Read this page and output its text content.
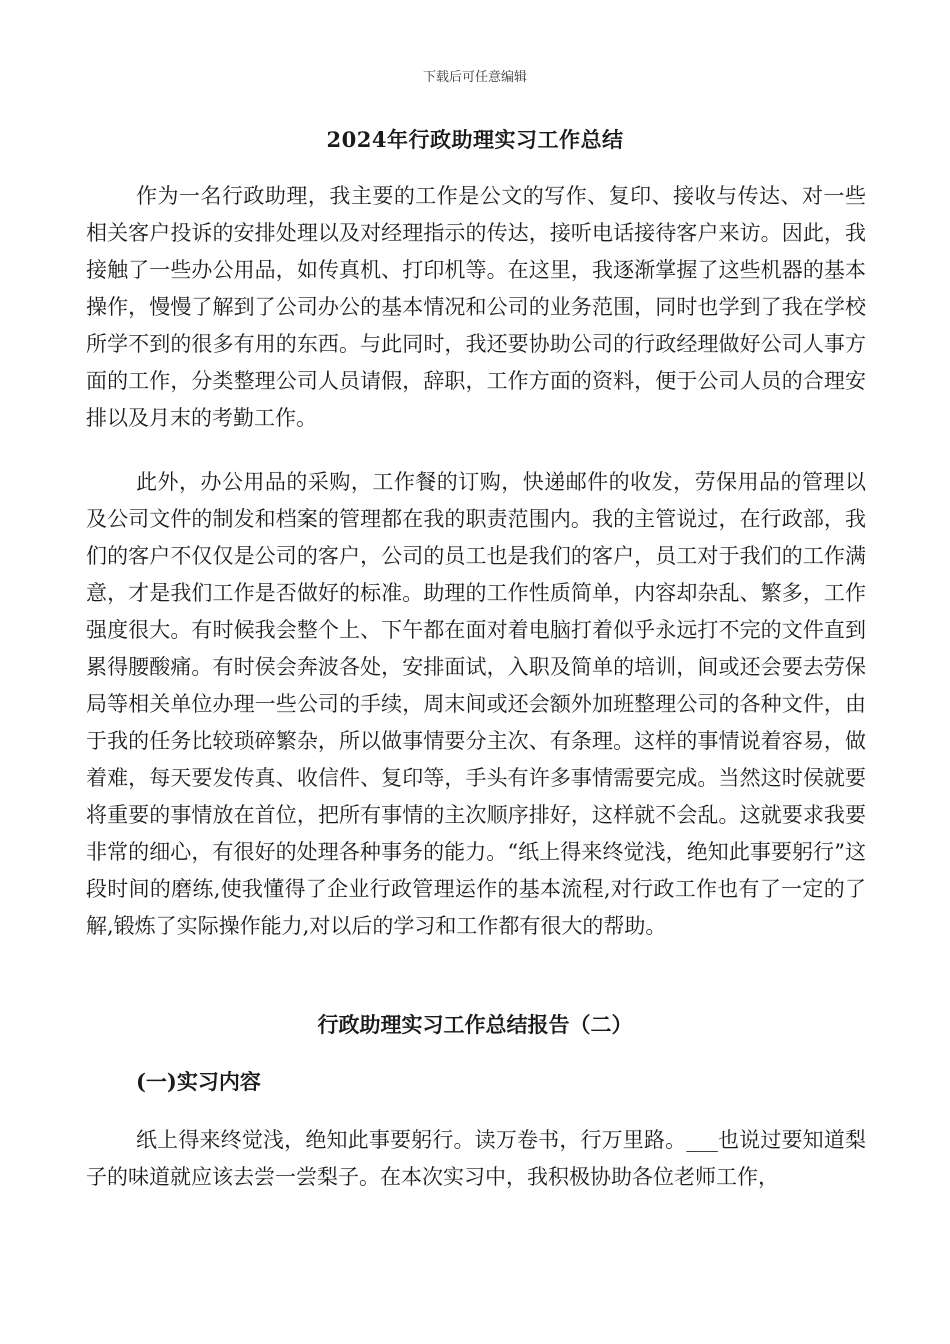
下载后可任意编辑
2024年行政助理实习工作总结

作为一名行政助理，我主要的工作是公文的写作、复印、接收与传达、对一些相关客户投诉的安排处理以及对经理指示的传达，接听电话接待客户来访。因此，我接触了一些办公用品，如传真机、打印机等。在这里，我逐渐掌握了这些机器的基本操作，慢慢了解到了公司办公的基本情况和公司的业务范围，同时也学到了我在学校所学不到的很多有用的东西。与此同时，我还要协助公司的行政经理做好公司人事方面的工作，分类整理公司人员请假，辞职，工作方面的资料，便于公司人员的合理安排以及月末的考勤工作。

此外，办公用品的采购，工作餐的订购，快递邮件的收发，劳保用品的管理以及公司文件的制发和档案的管理都在我的职责范围内。我的主管说过，在行政部，我们的客户不仅仅是公司的客户，公司的员工也是我们的客户，员工对于我们的工作满意，才是我们工作是否做好的标准。助理的工作性质简单，内容却杂乱、繁多，工作强度很大。有时候我会整个上、下午都在面对着电脑打着似乎永远打不完的文件直到累得腰酸痛。有时侯会奔波各处，安排面试，入职及简单的培训，间或还会要去劳保局等相关单位办理一些公司的手续，周末间或还会额外加班整理公司的各种文件，由于我的任务比较琐碎繁杂，所以做事情要分主次、有条理。这样的事情说着容易，做着难，每天要发传真、收信件、复印等，手头有许多事情需要完成。当然这时侯就要将重要的事情放在首位，把所有事情的主次顺序排好，这样就不会乱。这就要求我要非常的细心，有很好的处理各种事务的能力。“纸上得来终觉浅，绝知此事要躬行”这段时间的磨练,使我懂得了企业行政管理运作的基本流程,对行政工作也有了一定的了解,锻炼了实际操作能力,对以后的学习和工作都有很大的帮助。

行政助理实习工作总结报告（二）
(一)实习内容

纸上得来终觉浅，绝知此事要躬行。读万卷书，行万里路。___也说过要知道梨子的味道就应该去尝一尝梨子。在本次实习中，我积极协助各位老师工作，
